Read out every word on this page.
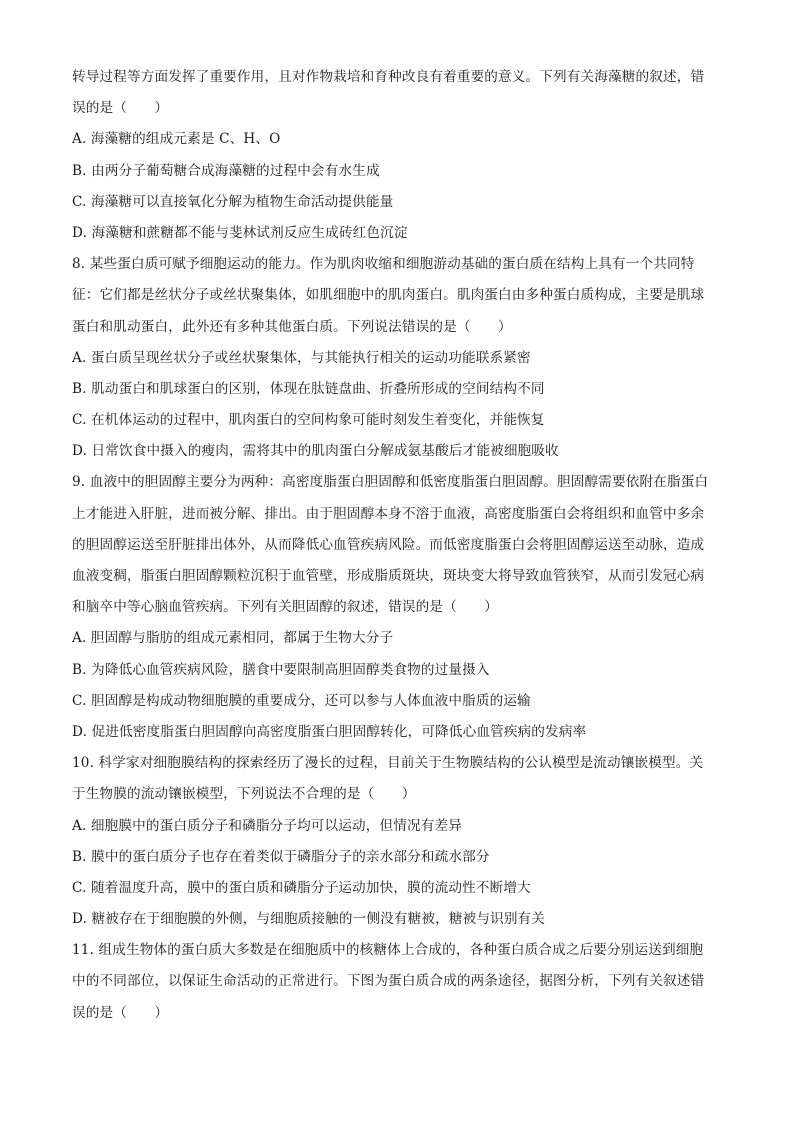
转导过程等方面发挥了重要作用，且对作物栽培和育种改良有着重要的意义。下列有关海藻糖的叙述，错
误的是（　　）
A. 海藻糖的组成元素是 C、H、O
B. 由两分子葡萄糖合成海藻糖的过程中会有水生成
C. 海藻糖可以直接氧化分解为植物生命活动提供能量
D. 海藻糖和蔗糖都不能与斐林试剂反应生成砖红色沉淀
8. 某些蛋白质可赋予细胞运动的能力。作为肌肉收缩和细胞游动基础的蛋白质在结构上具有一个共同特
征：它们都是丝状分子或丝状聚集体，如肌细胞中的肌肉蛋白。肌肉蛋白由多种蛋白质构成，主要是肌球
蛋白和肌动蛋白，此外还有多种其他蛋白质。下列说法错误的是（　　）
A. 蛋白质呈现丝状分子或丝状聚集体，与其能执行相关的运动功能联系紧密
B. 肌动蛋白和肌球蛋白的区别，体现在肽链盘曲、折叠所形成的空间结构不同
C. 在机体运动的过程中，肌肉蛋白的空间构象可能时刻发生着变化，并能恢复
D. 日常饮食中摄入的瘦肉，需将其中的肌肉蛋白分解成氨基酸后才能被细胞吸收
9. 血液中的胆固醇主要分为两种：高密度脂蛋白胆固醇和低密度脂蛋白胆固醇。胆固醇需要依附在脂蛋白
上才能进入肝脏，进而被分解、排出。由于胆固醇本身不溶于血液，高密度脂蛋白会将组织和血管中多余
的胆固醇运送至肝脏排出体外，从而降低心血管疾病风险。而低密度脂蛋白会将胆固醇运送至动脉，造成
血液变稠，脂蛋白胆固醇颗粒沉积于血管壁，形成脂质斑块，斑块变大将导致血管狭窄，从而引发冠心病
和脑卒中等心脑血管疾病。下列有关胆固醇的叙述，错误的是（　　）
A. 胆固醇与脂肪的组成元素相同，都属于生物大分子
B. 为降低心血管疾病风险，膳食中要限制高胆固醇类食物的过量摄入
C. 胆固醇是构成动物细胞膜的重要成分，还可以参与人体血液中脂质的运输
D. 促进低密度脂蛋白胆固醇向高密度脂蛋白胆固醇转化，可降低心血管疾病的发病率
10. 科学家对细胞膜结构的探索经历了漫长的过程，目前关于生物膜结构的公认模型是流动镶嵌模型。关
于生物膜的流动镶嵌模型，下列说法不合理的是（　　）
A. 细胞膜中的蛋白质分子和磷脂分子均可以运动，但情况有差异
B. 膜中的蛋白质分子也存在着类似于磷脂分子的亲水部分和疏水部分
C. 随着温度升高，膜中的蛋白质和磷脂分子运动加快，膜的流动性不断增大
D. 糖被存在于细胞膜的外侧，与细胞质接触的一侧没有糖被，糖被与识别有关
11. 组成生物体的蛋白质大多数是在细胞质中的核糖体上合成的，各种蛋白质合成之后要分别运送到细胞
中的不同部位，以保证生命活动的正常进行。下图为蛋白质合成的两条途径，据图分析，下列有关叙述错
误的是（　　）
